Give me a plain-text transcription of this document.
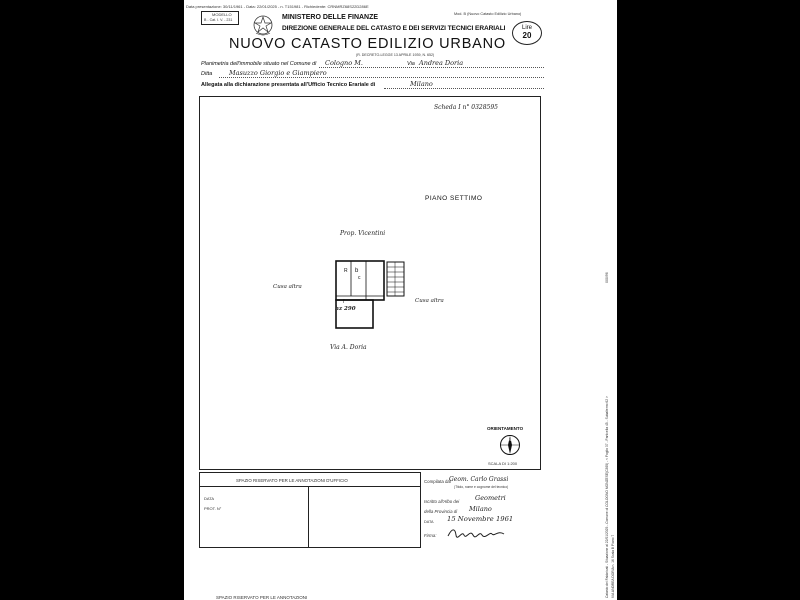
Data presentazione: 30/11/1961 - Data: 22/01/2025 - n. T151981 - Richiedente: CRNMRZ68S22D286E
MODELLO
B - Cat. I. V. - 231	MINISTERO DELLE FINANZE
DIREZIONE GENERALE DEL CATASTO E DEI SERVIZI TECNICI ERARIALI
NUOVO CATASTO EDILIZIO URBANO
(R. DECRETO-LEGGE 13 APRILE 1939, N. 652)
Mod. B (Nuovo Catasto Edilizio Urbano)
Lire
20
Planimetria dell'immobile situato nel Comune di Cologno M.	Via Andrea Doria
Ditta	Masuzzo Giorgio e Giampiero
Allegata alla dichiarazione presentata all'Ufficio Tecnico Erariale di	Milano
Scheda I n° 0328595
PIANO SETTIMO
Prop. Vicentini
Cusa altra
Cusa altra
b
c
R
f
hz 290
Via A. Doria
ORIENTAMENTO
N
SCALA DI 1:200
SPAZIO RISERVATO PER LE ANNOTAZIONI D'UFFICIO
DATA
PROT. N°
Compilata dal
Geom. Carlo Grassi
(Titolo, nome e cognome del tecnico)
Iscritto all'Albo dei Geometri
della Provincia di Milano
DATA 15 Novembre 1961
Firma:
000/96
Catasto dei Fabbricati - Situazione al 22/01/2025 - Comune di COLOGNO MONZESE(C895) - < Foglio 37 - Particella 45 - Subalterno 62 > VIA ANDREA DORIA n. 16 Scala B Piano 7
SPAZIO RISERVATO PER LE ANNOTAZIONI
